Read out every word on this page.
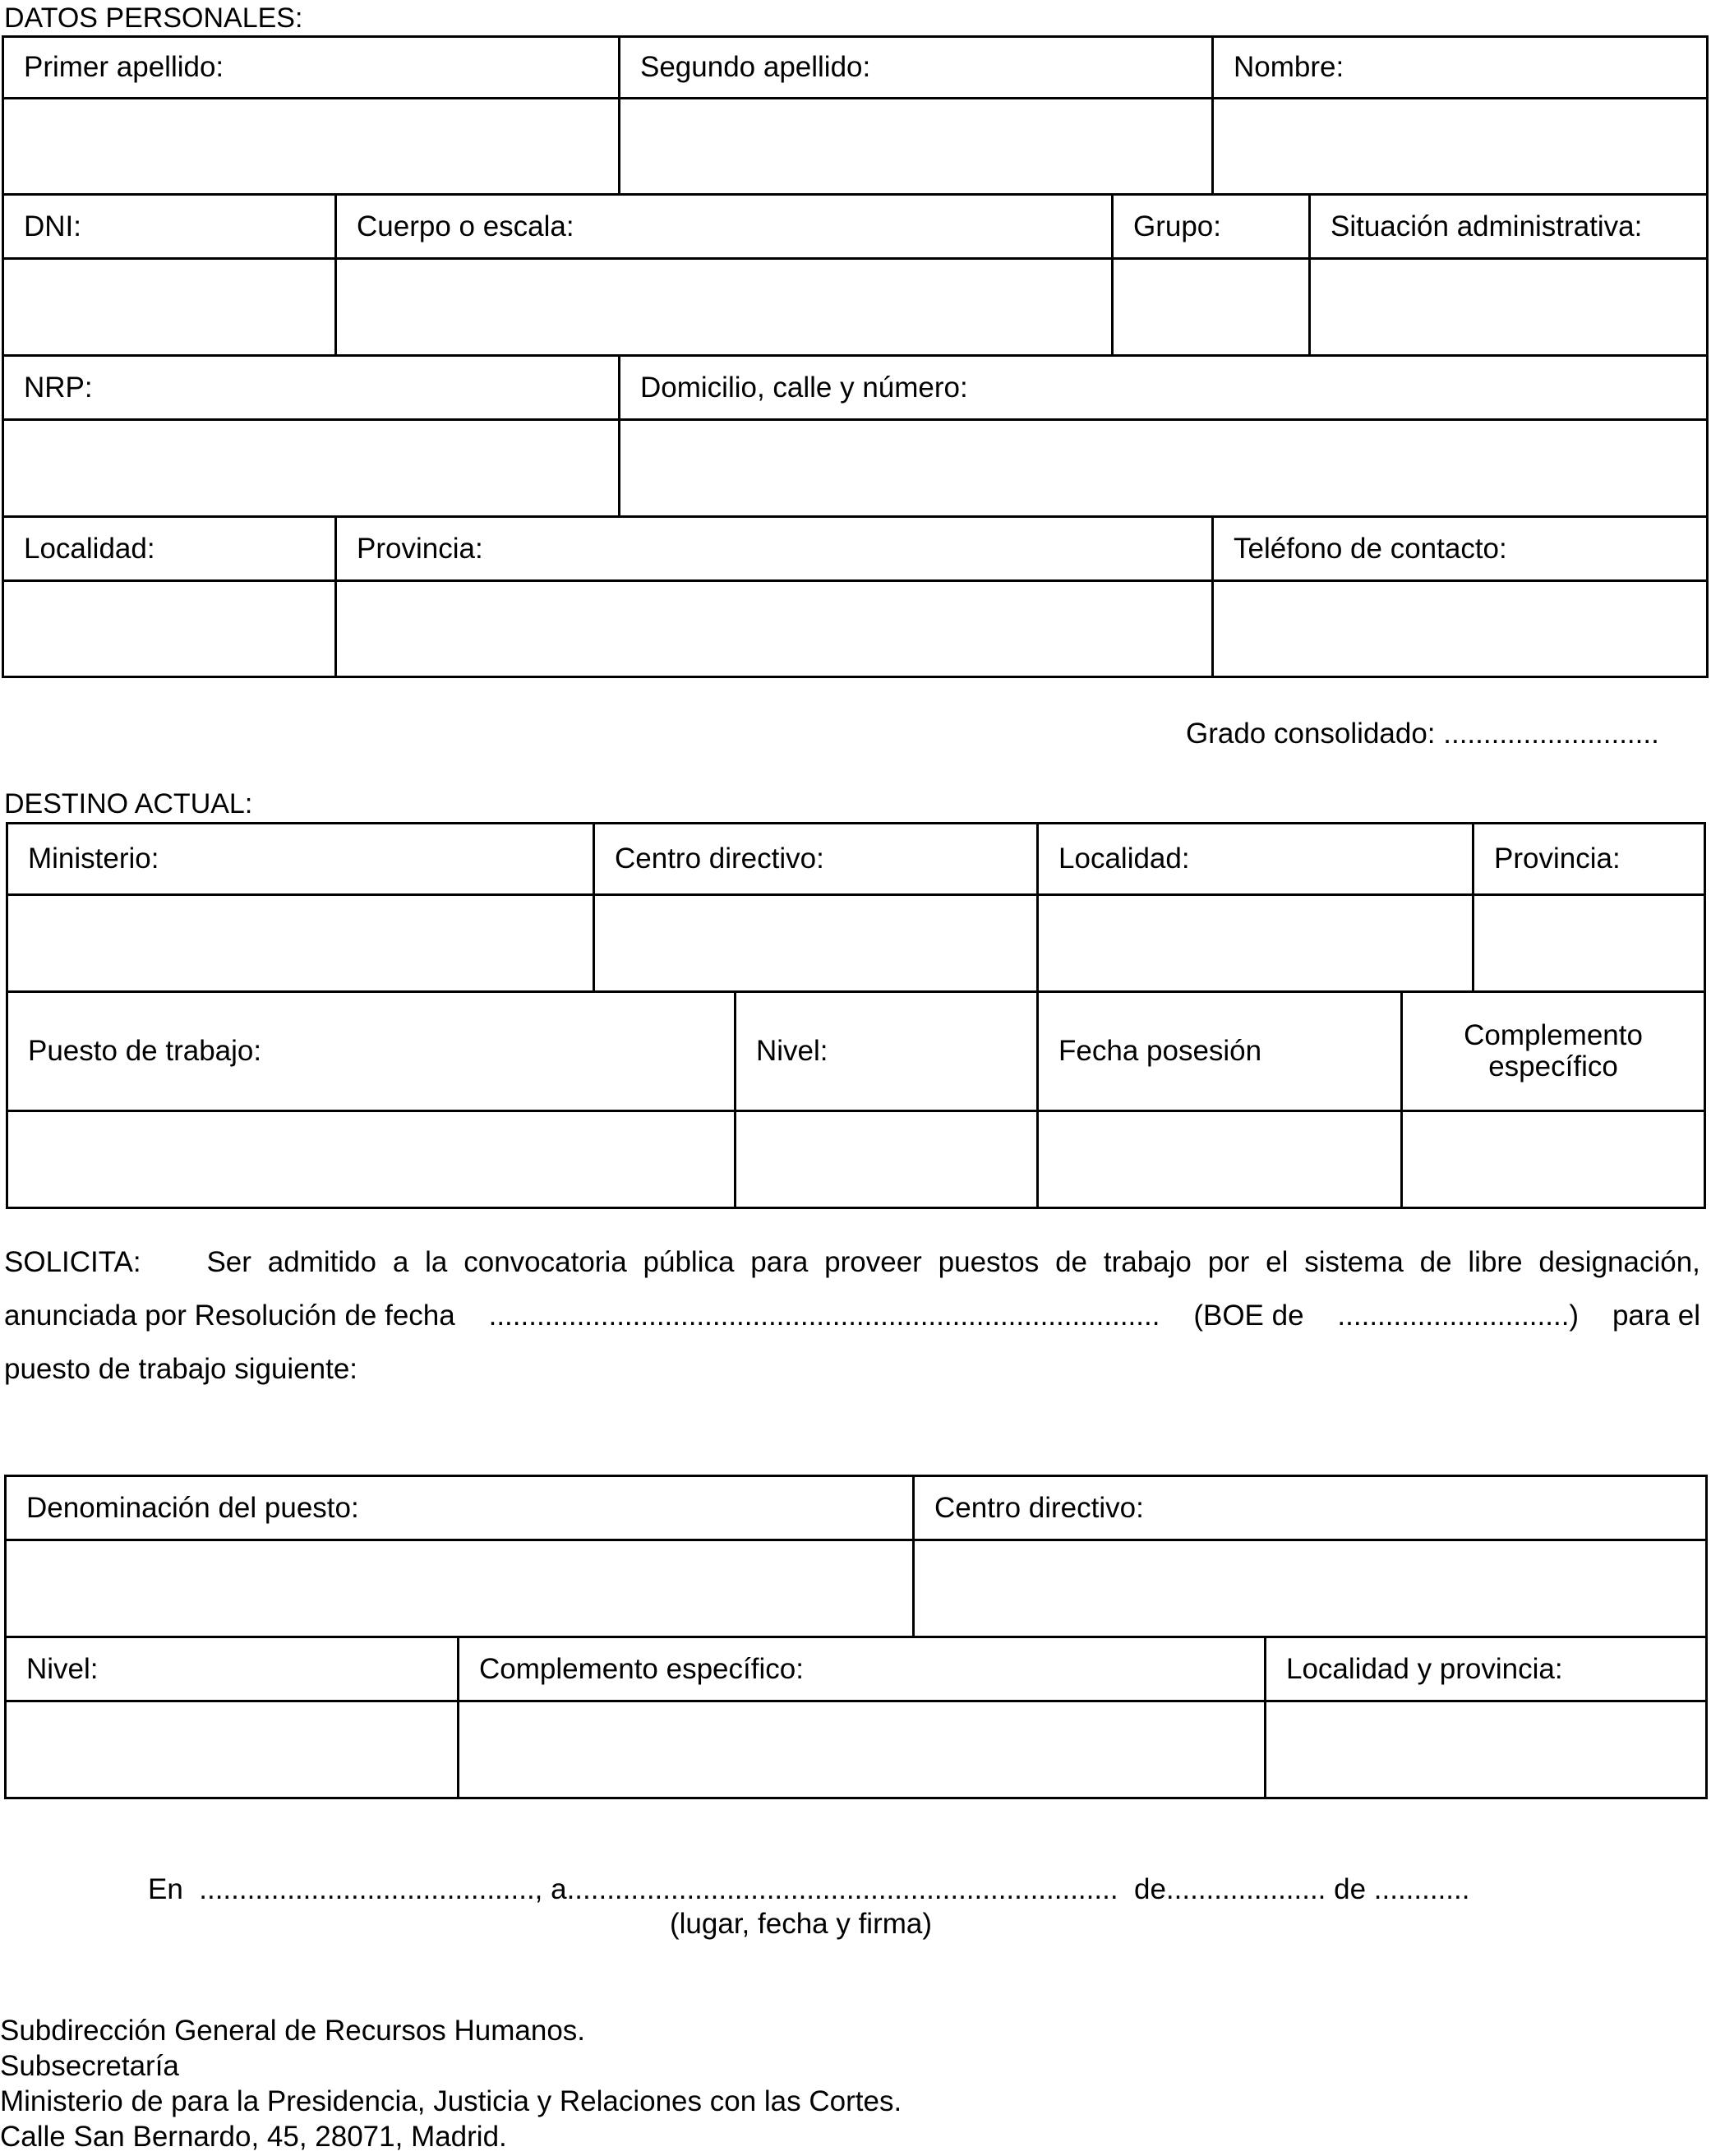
DATOS PERSONALES:
Primer apellido:		Segundo apellido:		Nombre:	

DNI:	Cuerpo o escala:		Grupo:		Situación administrativa:

NRP:		Domicilio, calle y número:			

Localidad:	Provincia:			Teléfono de contacto:	

Grado consolidado: ...........................
DESTINO ACTUAL:
Ministerio:	Centro directivo:		Localidad:		Provincia:

Puesto de trabajo:		Nivel:	Fecha posesión	Complemento
específico	

SOLICITA: Ser admitido a la convocatoria pública para proveer puestos de trabajo por el sistema de libre designación,
anunciada por Resolución de fecha .................................................................................... (BOE de .............................) para el
puesto de trabajo siguiente:
Denominación del puesto:		Centro directivo:	

Nivel:	Complemento específico:		Localidad y provincia:

En  .........................................., a.....................................................................  de.................... de ............
(lugar, fecha y firma)
Subdirección General de Recursos Humanos.
Subsecretaría
Ministerio de para la Presidencia, Justicia y Relaciones con las Cortes.
Calle San Bernardo, 45, 28071, Madrid.
